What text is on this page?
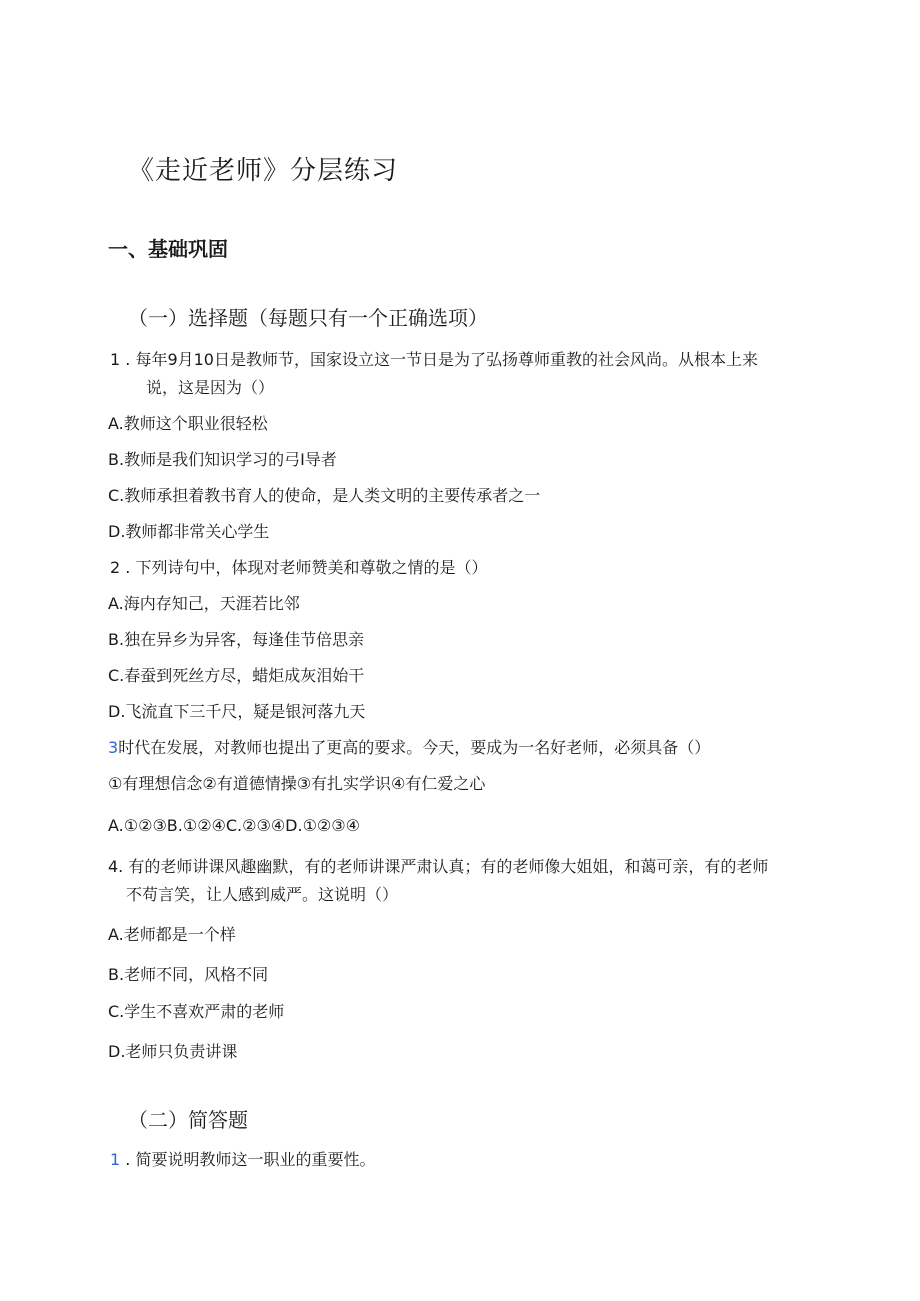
《走近老师》分层练习
一、基础巩固
（一）选择题（每题只有一个正确选项）
1 . 每年9月10日是教师节，国家设立这一节日是为了弘扬尊师重教的社会风尚。从根本上来
说，这是因为（）
A.教师这个职业很轻松
B.教师是我们知识学习的弓I导者
C.教师承担着教书育人的使命，是人类文明的主要传承者之一
D.教师都非常关心学生
2 . 下列诗句中，体现对老师赞美和尊敬之情的是（）
A.海内存知己，天涯若比邻
B.独在异乡为异客，每逢佳节倍思亲
C.春蚕到死丝方尽，蜡炬成灰泪始干
D.飞流直下三千尺，疑是银河落九天
3时代在发展，对教师也提出了更高的要求。今天，要成为一名好老师，必须具备（）
①有理想信念②有道德情操③有扎实学识④有仁爱之心
A.①②③B.①②④C.②③④D.①②③④
4. 有的老师讲课风趣幽默，有的老师讲课严肃认真；有的老师像大姐姐，和蔼可亲，有的老师
不苟言笑，让人感到威严。这说明（）
A.老师都是一个样
B.老师不同，风格不同
C.学生不喜欢严肃的老师
D.老师只负责讲课
（二）简答题
1 . 简要说明教师这一职业的重要性。
